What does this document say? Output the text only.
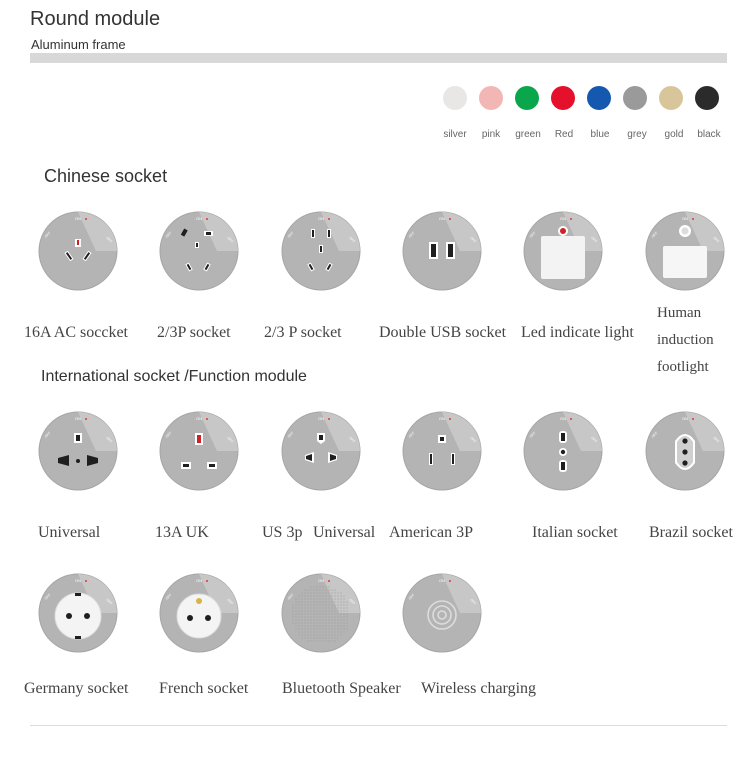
Round module
Aluminum frame
silver	pink	green	Red	blue	grey	gold	black
Chinese socket
ON
OFF
OFF
ON
OFF
OFF
ON
OFF
OFF
ON
OFF
OFF
ON
OFF
OFF
ON
OFF
OFF
16A AC soccket 2/3P socket 2/3 P socket Double USB socket Led indicate light
Human induction footlight
International socket /Function module
ON
OFF
OFF
ON
OFF
OFF
ON
OFF
OFF
ON
OFF
OFF
ON
OFF
OFF
ON
OFF
OFF
Universal	13A UK	US 3p Universal American 3P	Italian socket Brazil socket
ON
OFF
OFF
ON
OFF
OFF
ON
OFF
OFF
ON
OFF
OFF
Germany socket French socket Bluetooth Speaker Wireless charging
